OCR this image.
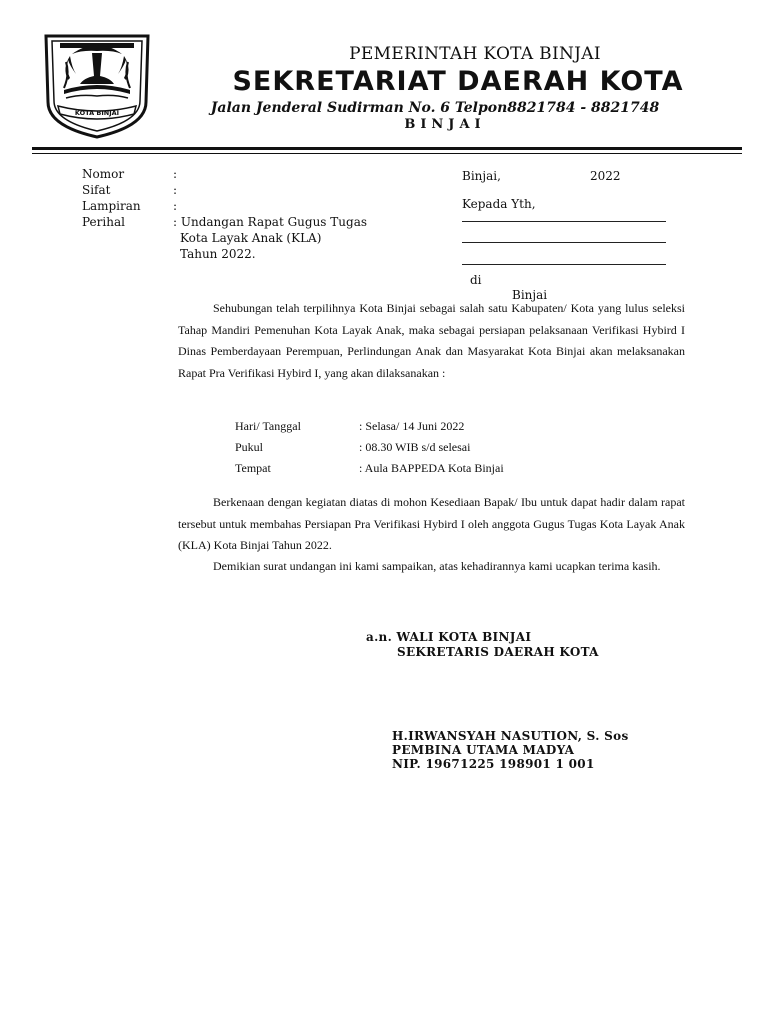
KOTA BINJAI
PEMERINTAH KOTA BINJAI
SEKRETARIAT DAERAH KOTA
Jalan Jenderal Sudirman No. 6 Telpon8821784 - 8821748
BINJAI
Nomor	:
Sifat	:
Lampiran	:
Perihal	: Undangan Rapat Gugus Tugas
Kota Layak Anak (KLA)
Tahun 2022.
Binjai,	2022
Kepada Yth,
di
Binjai
Sehubungan telah terpilihnya Kota Binjai sebagai salah satu Kabupaten/ Kota yang lulus seleksi Tahap Mandiri Pemenuhan Kota Layak Anak, maka sebagai persiapan pelaksanaan Verifikasi Hybird I Dinas Pemberdayaan Perempuan, Perlindungan Anak dan Masyarakat Kota Binjai akan melaksanakan Rapat Pra Verifikasi Hybird I, yang akan dilaksanakan :
Hari/ Tanggal	: Selasa/ 14 Juni 2022
Pukul	: 08.30 WIB s/d selesai
Tempat	: Aula BAPPEDA Kota Binjai
Berkenaan dengan kegiatan diatas di mohon Kesediaan Bapak/ Ibu untuk dapat hadir dalam rapat tersebut untuk membahas Persiapan Pra Verifikasi Hybird I oleh anggota Gugus Tugas Kota Layak Anak (KLA) Kota Binjai Tahun 2022.
Demikian surat undangan ini kami sampaikan, atas kehadirannya kami ucapkan terima kasih.
a.n. WALI KOTA BINJAI
SEKRETARIS DAERAH KOTA
H.IRWANSYAH NASUTION, S. Sos
PEMBINA UTAMA MADYA
NIP. 19671225 198901 1 001
